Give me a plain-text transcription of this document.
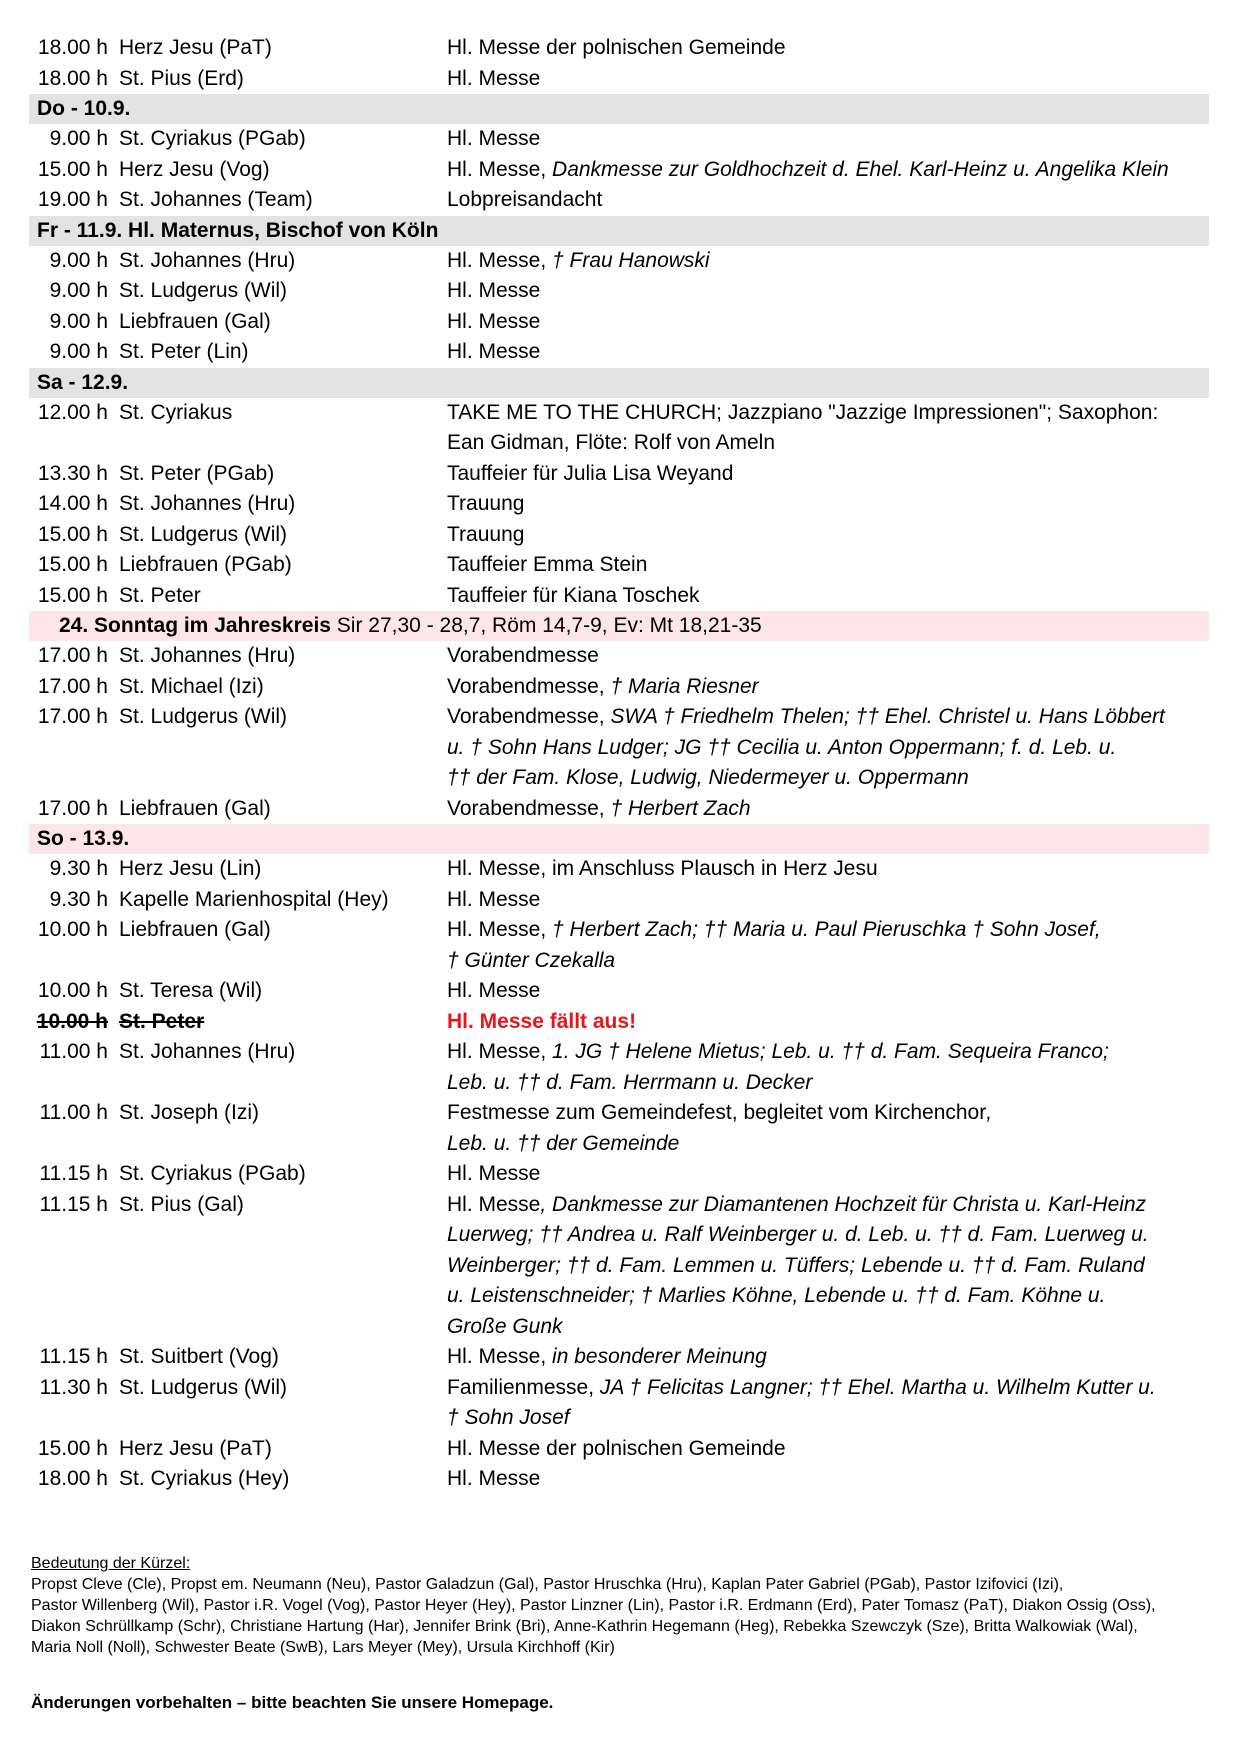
18.00 h Herz Jesu (PaT)	Hl. Messe der polnischen Gemeinde
18.00 h St. Pius (Erd)	Hl. Messe
Do - 10.9.
9.00 h St. Cyriakus (PGab)	Hl. Messe
15.00 h Herz Jesu (Vog)	Hl. Messe, Dankmesse zur Goldhochzeit d. Ehel. Karl-Heinz u. Angelika Klein
19.00 h St. Johannes (Team)	Lobpreisandacht
Fr - 11.9. Hl. Maternus, Bischof von Köln
9.00 h St. Johannes (Hru)	Hl. Messe, † Frau Hanowski
9.00 h St. Ludgerus (Wil)	Hl. Messe
9.00 h Liebfrauen (Gal)	Hl. Messe
9.00 h St. Peter (Lin)	Hl. Messe
Sa - 12.9.
12.00 h St. Cyriakus	TAKE ME TO THE CHURCH; Jazzpiano "Jazzige Impressionen"; Saxophon:
Ean Gidman, Flöte: Rolf von Ameln
13.30 h St. Peter (PGab)	Tauffeier für Julia Lisa Weyand
14.00 h St. Johannes (Hru)	Trauung
15.00 h St. Ludgerus (Wil)	Trauung
15.00 h Liebfrauen (PGab)	Tauffeier Emma Stein
15.00 h St. Peter	Tauffeier für Kiana Toschek
24. Sonntag im Jahreskreis Sir 27,30 - 28,7, Röm 14,7-9, Ev: Mt 18,21-35
17.00 h St. Johannes (Hru)	Vorabendmesse
17.00 h St. Michael (Izi)	Vorabendmesse, † Maria Riesner
17.00 h St. Ludgerus (Wil)	Vorabendmesse, SWA † Friedhelm Thelen; †† Ehel. Christel u. Hans Löbbert
u. † Sohn Hans Ludger; JG †† Cecilia u. Anton Oppermann; f. d. Leb. u.
†† der Fam. Klose, Ludwig, Niedermeyer u. Oppermann
17.00 h Liebfrauen (Gal)	Vorabendmesse, † Herbert Zach
So - 13.9.
9.30 h Herz Jesu (Lin)	Hl. Messe, im Anschluss Plausch in Herz Jesu
9.30 h Kapelle Marienhospital (Hey)	Hl. Messe
10.00 h Liebfrauen (Gal)	Hl. Messe, † Herbert Zach; †† Maria u. Paul Pieruschka † Sohn Josef,
† Günter Czekalla
10.00 h St. Teresa (Wil)	Hl. Messe
10.00 h St. Peter	Hl. Messe fällt aus!
11.00 h St. Johannes (Hru)	Hl. Messe, 1. JG † Helene Mietus; Leb. u. †† d. Fam. Sequeira Franco;
Leb. u. †† d. Fam. Herrmann u. Decker
11.00 h St. Joseph (Izi)	Festmesse zum Gemeindefest, begleitet vom Kirchenchor,
Leb. u. †† der Gemeinde
11.15 h St. Cyriakus (PGab)	Hl. Messe
11.15 h St. Pius (Gal)	Hl. Messe, Dankmesse zur Diamantenen Hochzeit für Christa u. Karl-Heinz
Luerweg; †† Andrea u. Ralf Weinberger u. d. Leb. u. †† d. Fam. Luerweg u.
Weinberger; †† d. Fam. Lemmen u. Tüffers; Lebende u. †† d. Fam. Ruland
u. Leistenschneider; † Marlies Köhne, Lebende u. †† d. Fam. Köhne u.
Große Gunk
11.15 h St. Suitbert (Vog)	Hl. Messe, in besonderer Meinung
11.30 h St. Ludgerus (Wil)	Familienmesse, JA † Felicitas Langner; †† Ehel. Martha u. Wilhelm Kutter u.
† Sohn Josef
15.00 h Herz Jesu (PaT)	Hl. Messe der polnischen Gemeinde
18.00 h St. Cyriakus (Hey)	Hl. Messe
Bedeutung der Kürzel:
Propst Cleve (Cle), Propst em. Neumann (Neu), Pastor Galadzun (Gal), Pastor Hruschka (Hru), Kaplan Pater Gabriel (PGab), Pastor Izifovici (Izi),
Pastor Willenberg (Wil), Pastor i.R. Vogel (Vog), Pastor Heyer (Hey), Pastor Linzner (Lin), Pastor i.R. Erdmann (Erd), Pater Tomasz (PaT), Diakon Ossig (Oss),
Diakon Schrüllkamp (Schr), Christiane Hartung (Har), Jennifer Brink (Bri), Anne-Kathrin Hegemann (Heg), Rebekka Szewczyk (Sze), Britta Walkowiak (Wal),
Maria Noll (Noll), Schwester Beate (SwB), Lars Meyer (Mey), Ursula Kirchhoff (Kir)
Änderungen vorbehalten – bitte beachten Sie unsere Homepage.
